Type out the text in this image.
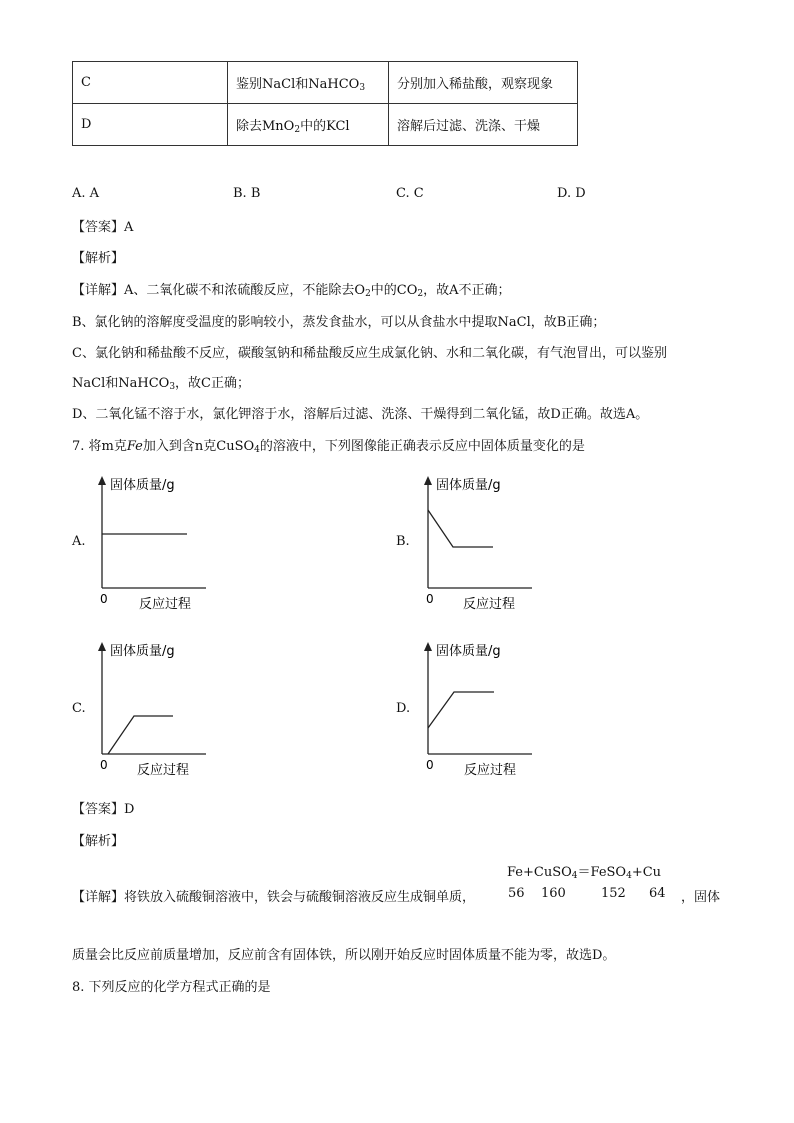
C	鉴别NaCl和NaHCO$_3$	分别加入稀盐酸，观察现象
D	除去MnO$_2$中的KCl	溶解后过滤、洗涤、干燥
A. A	B. B	C. C	D. D
【答案】A
【解析】
【详解】A、二氧化碳不和浓硫酸反应，不能除去$O_2$中的$CO_2$，故A不正确；
B、氯化钠的溶解度受温度的影响较小，蒸发食盐水，可以从食盐水中提取NaCl，故B正确；
C、氯化钠和稀盐酸不反应，碳酸氢钠和稀盐酸反应生成氯化钠、水和二氧化碳，有气泡冒出，可以鉴别
NaCl和NaHCO$_3$，故C正确；
D、二氧化锰不溶于水，氯化钾溶于水，溶解后过滤、洗涤、干燥得到二氧化锰，故D正确。故选A。
7. 将m克Fe加入到含n克CuSO$_4$的溶液中，下列图像能正确表示反应中固体质量变化的是
A.	B.
C.	D.
固体质量/g
0 反应过程
固体质量/g
0 反应过程
固体质量/g
0 反应过程
固体质量/g
0 反应过程
【答案】D
【解析】
Fe+CuSO$_4$＝FeSO$_4$+Cu
【详解】将铁放入硫酸铜溶液中，铁会与硫酸铜溶液反应生成铜单质，	56 160	152 64 ，固体
质量会比反应前质量增加，反应前含有固体铁，所以刚开始反应时固体质量不能为零，故选D。
8. 下列反应的化学方程式正确的是
